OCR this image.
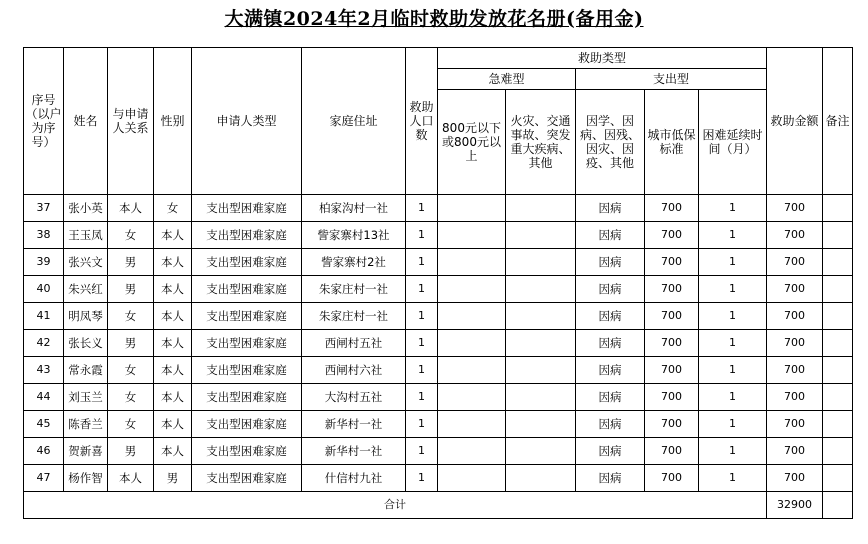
大满镇2024年2月临时救助发放花名册(备用金)
序号（以户为序号）	姓名	与申请人关系	性别	申请人类型	家庭住址	救助人口数	救助类型					救助金额	备注
							急难型		支出型				
							800元以下或800元以上	火灾、交通事故、突发重大疾病、其他	因学、因病、因残、因灾、因疫、其他	城市低保标准	困难延续时间（月）		
37	张小英	本人	女	支出型困难家庭	柏家沟村一社	1			因病	700	1	700	
38	王玉凤	女	本人	支出型困难家庭	訾家寨村13社	1			因病	700	1	700	
39	张兴文	男	本人	支出型困难家庭	訾家寨村2社	1			因病	700	1	700	
40	朱兴红	男	本人	支出型困难家庭	朱家庄村一社	1			因病	700	1	700	
41	明凤琴	女	本人	支出型困难家庭	朱家庄村一社	1			因病	700	1	700	
42	张长义	男	本人	支出型困难家庭	西闸村五社	1			因病	700	1	700	
43	常永霞	女	本人	支出型困难家庭	西闸村六社	1			因病	700	1	700	
44	刘玉兰	女	本人	支出型困难家庭	大沟村五社	1			因病	700	1	700	
45	陈香兰	女	本人	支出型困难家庭	新华村一社	1			因病	700	1	700	
46	贺新喜	男	本人	支出型困难家庭	新华村一社	1			因病	700	1	700	
47	杨作智	本人	男	支出型困难家庭	什信村九社	1			因病	700	1	700	
合计												32900	
